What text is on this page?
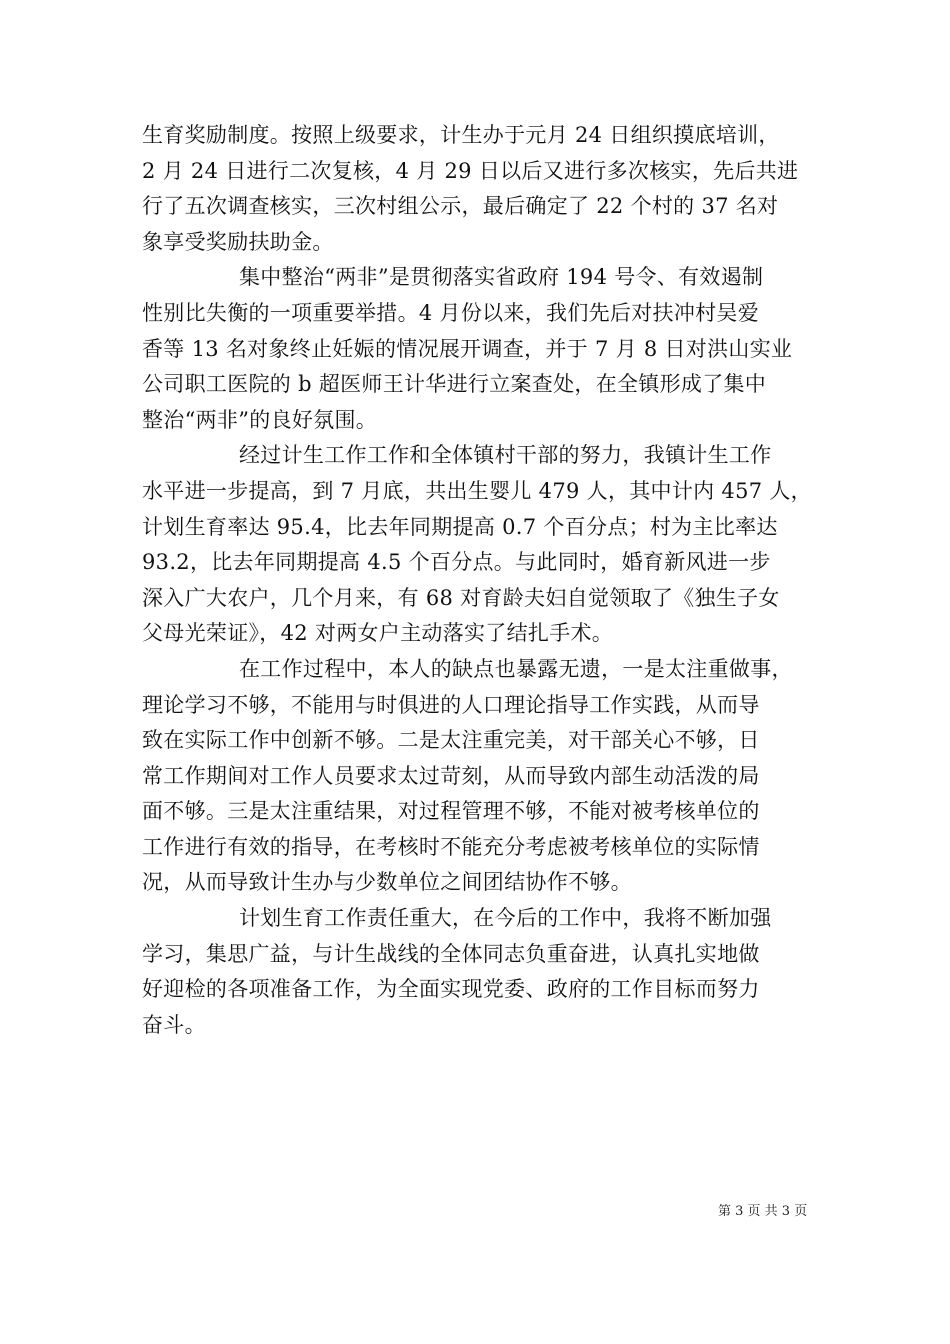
生育奖励制度。按照上级要求，计生办于元月 24 日组织摸底培训，
2 月 24 日进行二次复核，4 月 29 日以后又进行多次核实，先后共进
行了五次调查核实，三次村组公示，最后确定了 22 个村的 37 名对
象享受奖励扶助金。
集中整治“两非”是贯彻落实省政府 194 号令、有效遏制
性别比失衡的一项重要举措。4 月份以来，我们先后对扶冲村吴爱
香等 13 名对象终止妊娠的情况展开调查，并于 7 月 8 日对洪山实业
公司职工医院的 b 超医师王计华进行立案查处，在全镇形成了集中
整治“两非”的良好氛围。
经过计生工作工作和全体镇村干部的努力，我镇计生工作
水平进一步提高，到 7 月底，共出生婴儿 479 人，其中计内 457 人，
计划生育率达 95.4，比去年同期提高 0.7 个百分点；村为主比率达
93.2，比去年同期提高 4.5 个百分点。与此同时，婚育新风进一步
深入广大农户，几个月来，有 68 对育龄夫妇自觉领取了《独生子女
父母光荣证》，42 对两女户主动落实了结扎手术。
在工作过程中，本人的缺点也暴露无遗，一是太注重做事，
理论学习不够，不能用与时俱进的人口理论指导工作实践，从而导
致在实际工作中创新不够。二是太注重完美，对干部关心不够，日
常工作期间对工作人员要求太过苛刻，从而导致内部生动活泼的局
面不够。三是太注重结果，对过程管理不够，不能对被考核单位的
工作进行有效的指导，在考核时不能充分考虑被考核单位的实际情
况，从而导致计生办与少数单位之间团结协作不够。
计划生育工作责任重大，在今后的工作中，我将不断加强
学习，集思广益，与计生战线的全体同志负重奋进，认真扎实地做
好迎检的各项准备工作，为全面实现党委、政府的工作目标而努力
奋斗。
第 3 页 共 3 页
